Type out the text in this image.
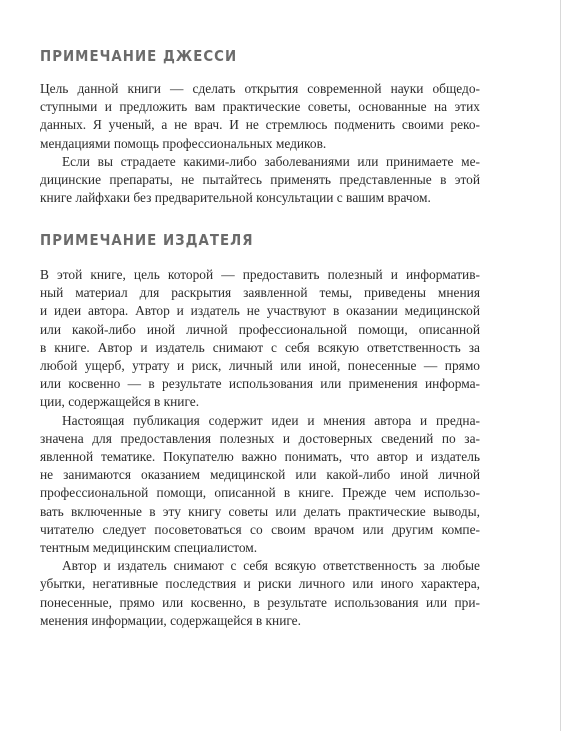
ПРИМЕЧАНИЕ ДЖЕССИ

Цель данной книги — сделать открытия современной науки общедо-
ступными и предложить вам практические советы, основанные на этих
данных. Я ученый, а не врач. И не стремлюсь подменить своими реко-
мендациями помощь профессиональных медиков.

Если вы страдаете какими-либо заболеваниями или принимаете ме-
дицинские препараты, не пытайтесь применять представленные в этой
книге лайфхаки без предварительной консультации с вашим врачом.

ПРИМЕЧАНИЕ ИЗДАТЕЛЯ

В этой книге, цель которой — предоставить полезный и информатив-
ный материал для раскрытия заявленной темы, приведены мнения
и идеи автора. Автор и издатель не участвуют в оказании медицинской
или какой-либо иной личной профессиональной помощи, описанной
в книге. Автор и издатель снимают с себя всякую ответственность за
любой ущерб, утрату и риск, личный или иной, понесенные — прямо
или косвенно — в результате использования или применения информа-
ции, содержащейся в книге.

Настоящая публикация содержит идеи и мнения автора и предна-
значена для предоставления полезных и достоверных сведений по за-
явленной тематике. Покупателю важно понимать, что автор и издатель
не занимаются оказанием медицинской или какой-либо иной личной
профессиональной помощи, описанной в книге. Прежде чем использо-
вать включенные в эту книгу советы или делать практические выводы,
читателю следует посоветоваться со своим врачом или другим компе-
тентным медицинским специалистом.

Автор и издатель снимают с себя всякую ответственность за любые
убытки, негативные последствия и риски личного или иного характера,
понесенные, прямо или косвенно, в результате использования или при-
менения информации, содержащейся в книге.
